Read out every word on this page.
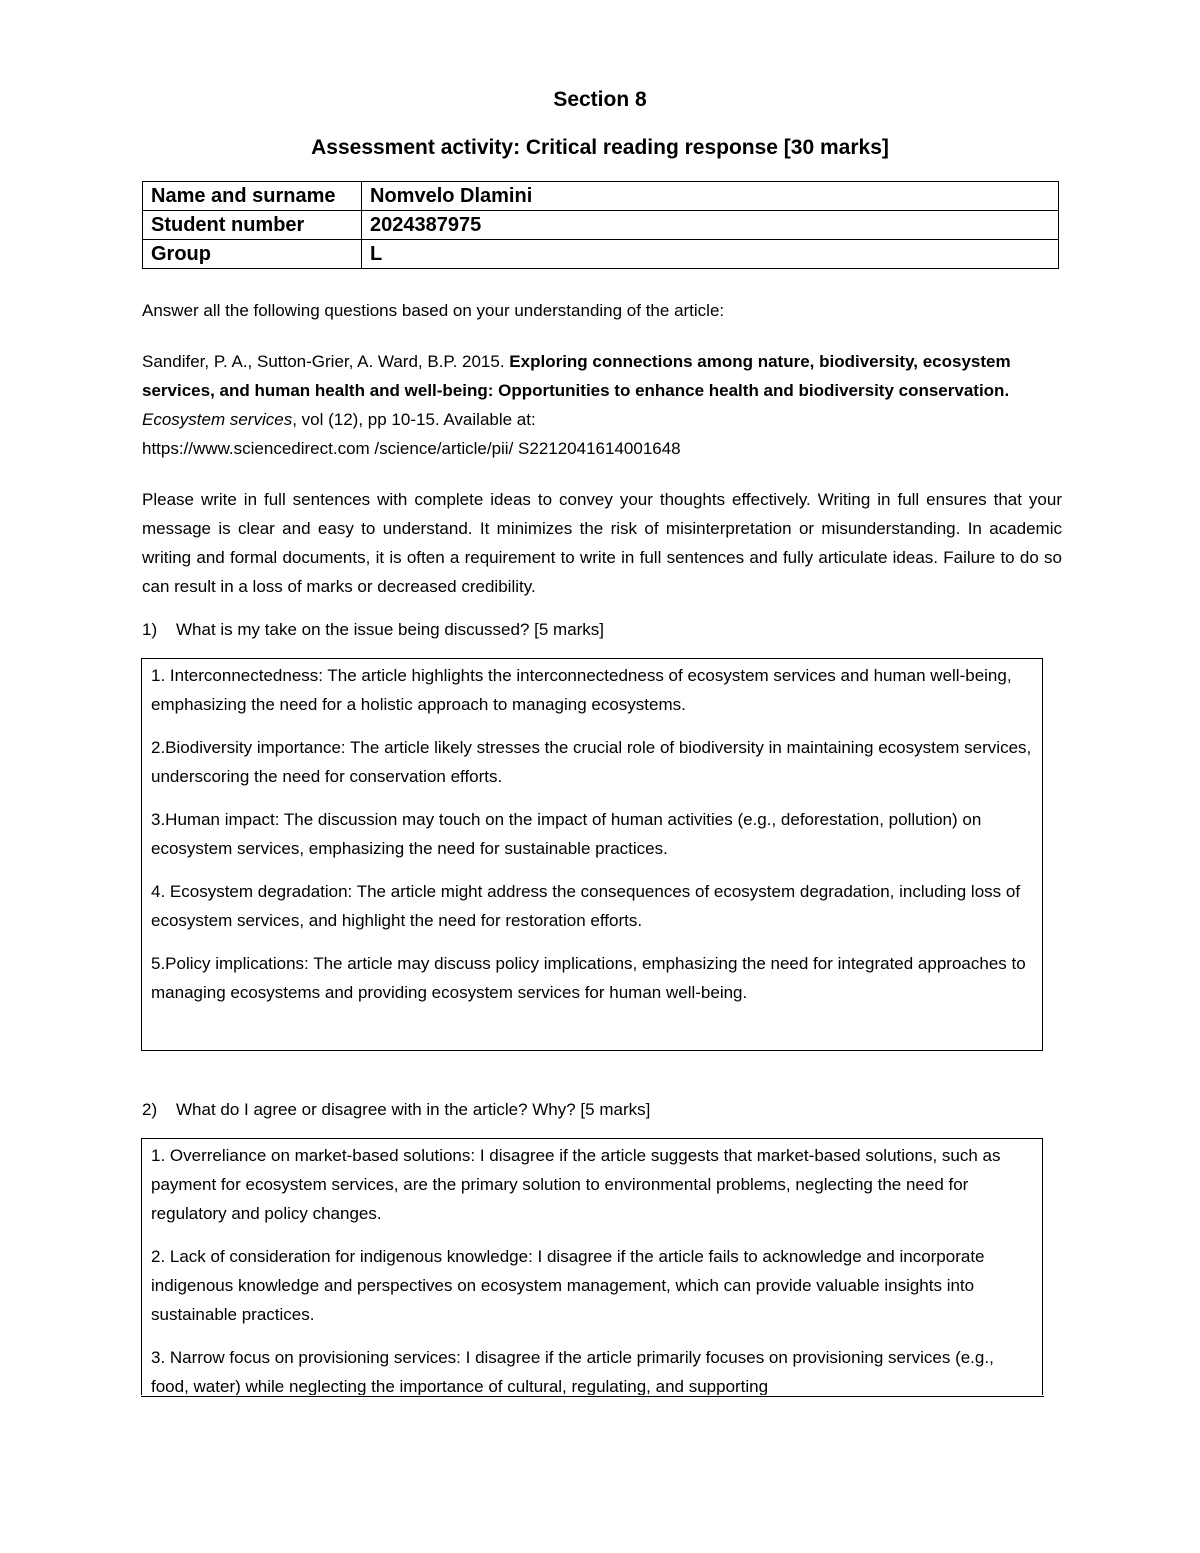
Section 8
Assessment activity: Critical reading response [30 marks]
Name and surname	Nomvelo Dlamini
Student number	2024387975
Group	L
Answer all the following questions based on your understanding of the article:
Sandifer, P. A., Sutton-Grier, A. Ward, B.P. 2015. Exploring connections among nature, biodiversity, ecosystem services, and human health and well-being: Opportunities to enhance health and biodiversity conservation. Ecosystem services, vol (12), pp 10-15. Available at:
https://www.sciencedirect.com /science/article/pii/ S2212041614001648
Please write in full sentences with complete ideas to convey your thoughts effectively. Writing in full ensures that your message is clear and easy to understand. It minimizes the risk of misinterpretation or misunderstanding. In academic writing and formal documents, it is often a requirement to write in full sentences and fully articulate ideas. Failure to do so can result in a loss of marks or decreased credibility.
1) What is my take on the issue being discussed? [5 marks]

1. Interconnectedness: The article highlights the interconnectedness of ecosystem services and human well-being, emphasizing the need for a holistic approach to managing ecosystems.

2.Biodiversity importance: The article likely stresses the crucial role of biodiversity in maintaining ecosystem services, underscoring the need for conservation efforts.

3.Human impact: The discussion may touch on the impact of human activities (e.g., deforestation, pollution) on ecosystem services, emphasizing the need for sustainable practices.

4. Ecosystem degradation: The article might address the consequences of ecosystem degradation, including loss of ecosystem services, and highlight the need for restoration efforts.

5.Policy implications: The article may discuss policy implications, emphasizing the need for integrated approaches to managing ecosystems and providing ecosystem services for human well-being.

2) What do I agree or disagree with in the article? Why? [5 marks]

1. Overreliance on market-based solutions: I disagree if the article suggests that market-based solutions, such as payment for ecosystem services, are the primary solution to environmental problems, neglecting the need for regulatory and policy changes.

2. Lack of consideration for indigenous knowledge: I disagree if the article fails to acknowledge and incorporate indigenous knowledge and perspectives on ecosystem management, which can provide valuable insights into sustainable practices.

3. Narrow focus on provisioning services: I disagree if the article primarily focuses on provisioning services (e.g., food, water) while neglecting the importance of cultural, regulating, and supporting
